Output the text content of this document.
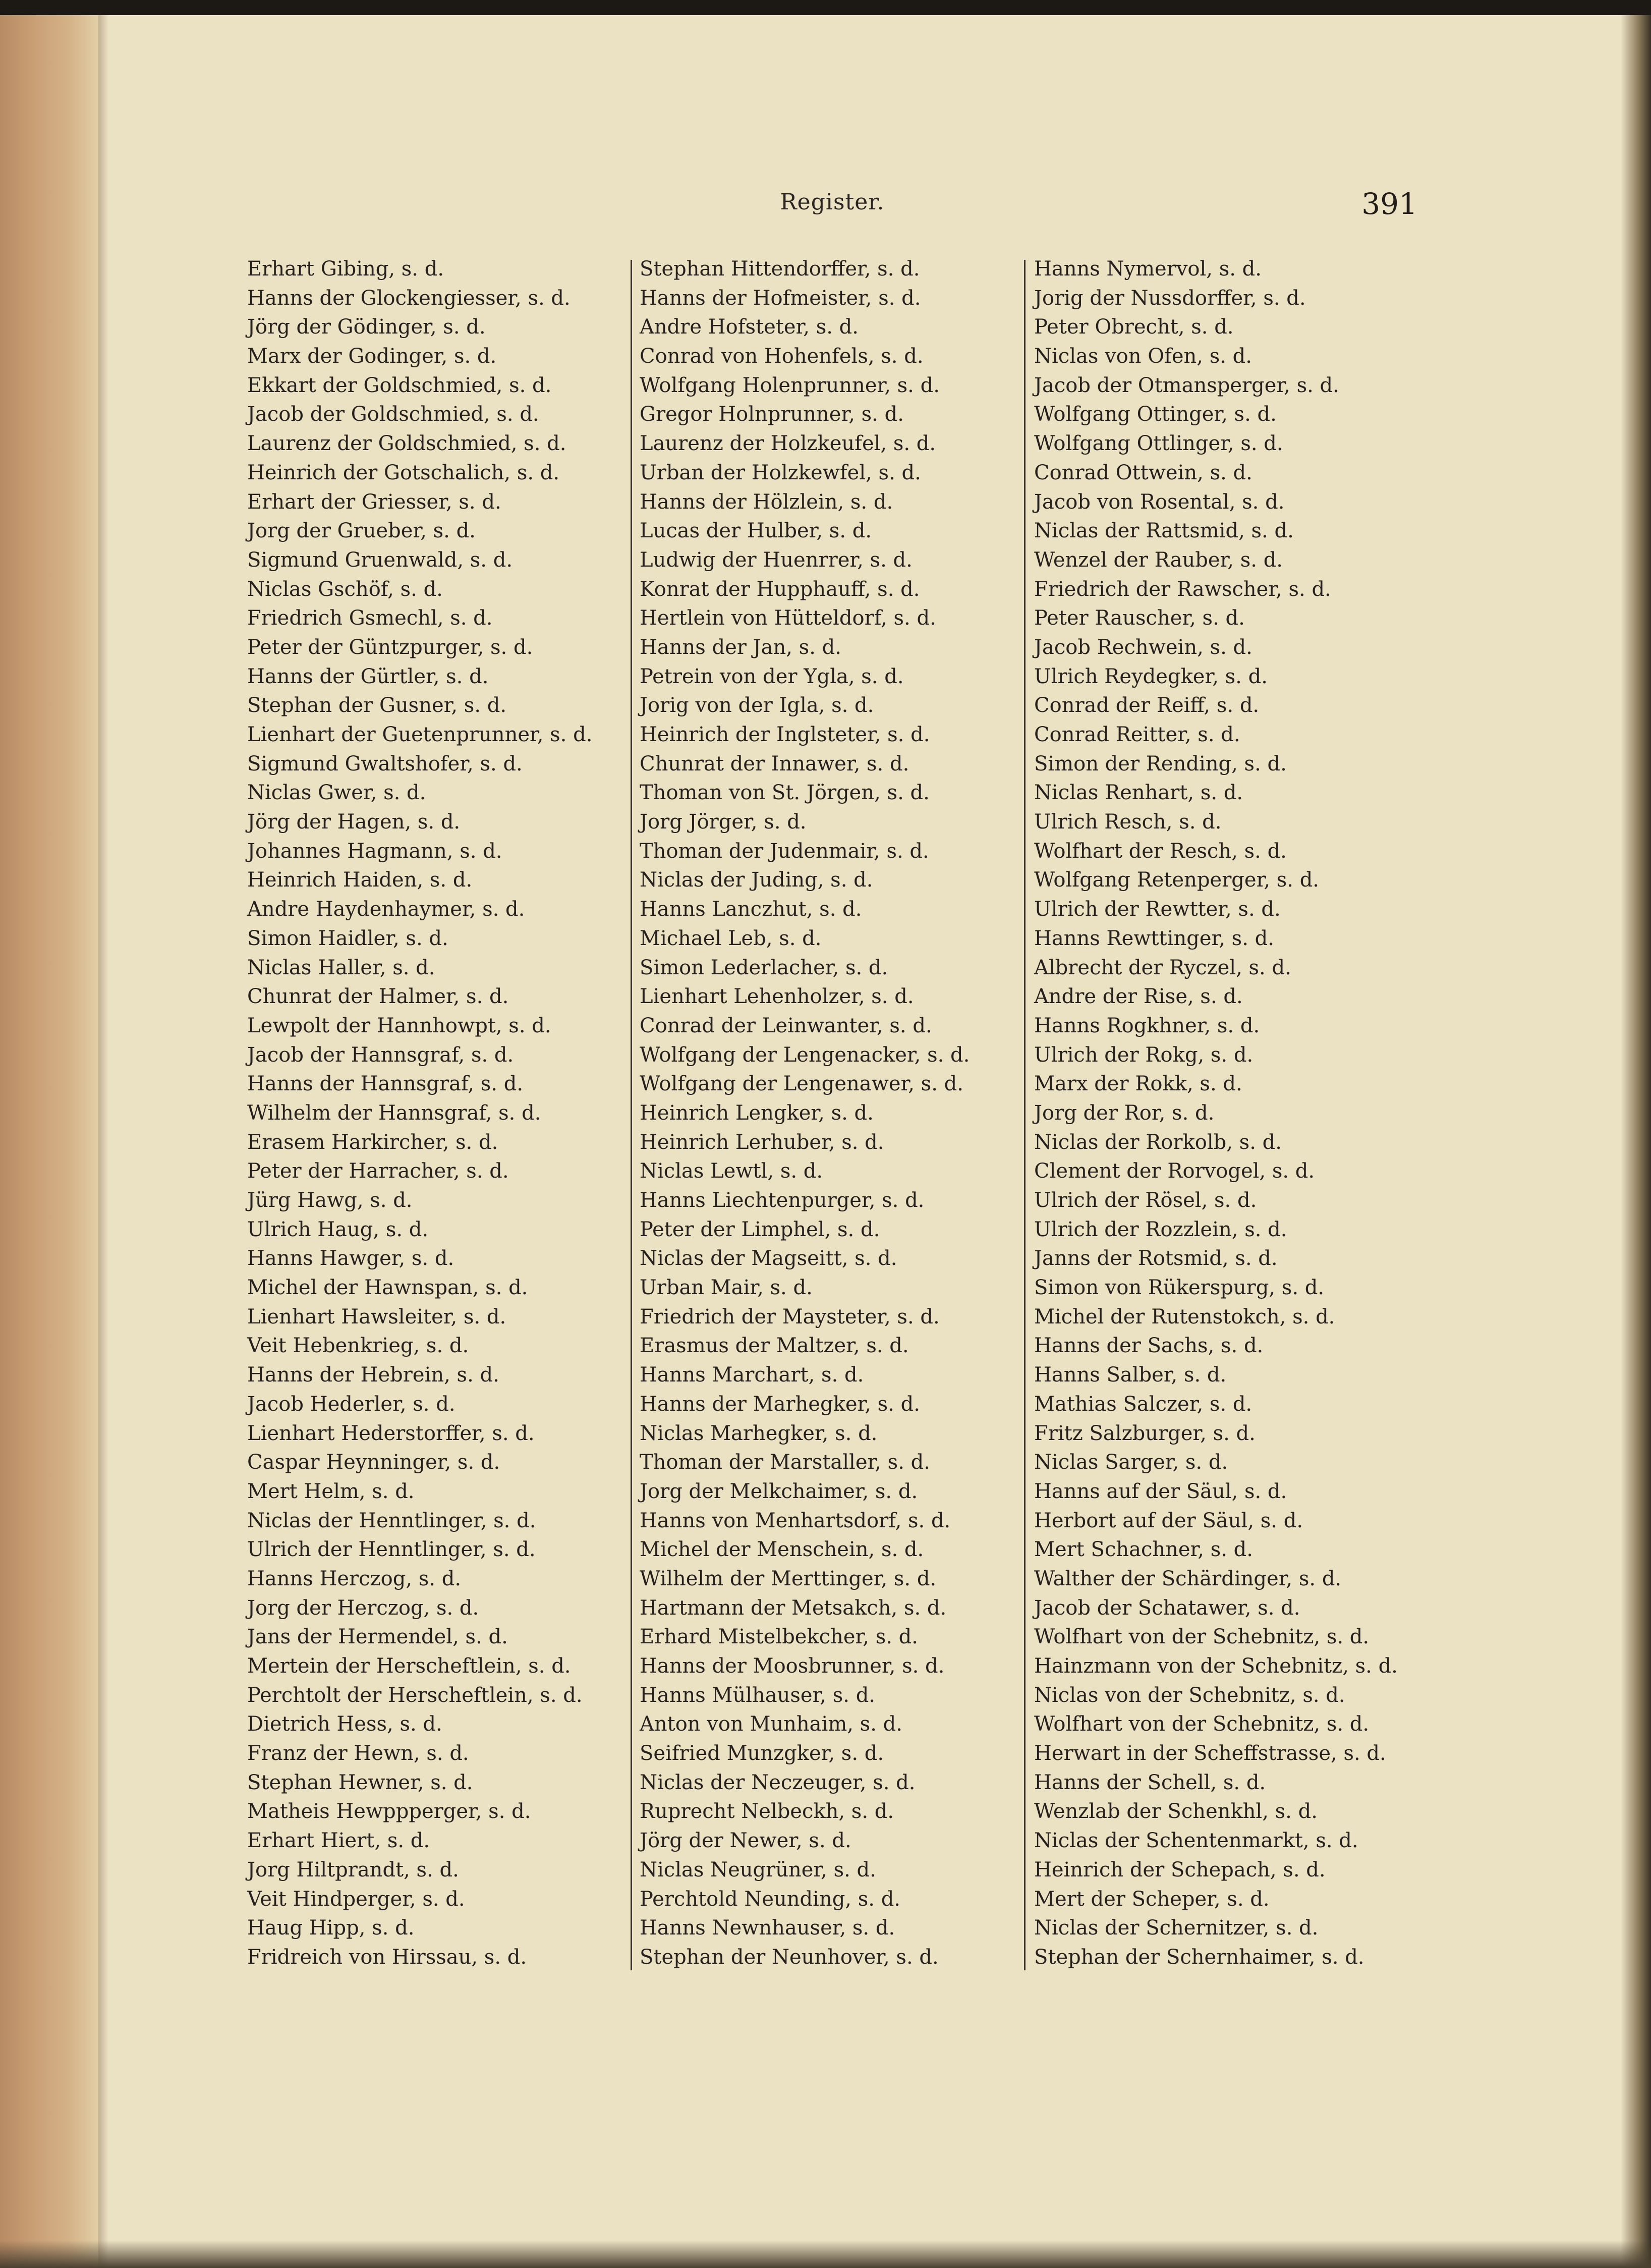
Register.	391
Erhart Gibing, s. d.
Hanns der Glockengiesser, s. d.
Jörg der Gödinger, s. d.
Marx der Godinger, s. d.
Ekkart der Goldschmied, s. d.
Jacob der Goldschmied, s. d.
Laurenz der Goldschmied, s. d.
Heinrich der Gotschalich, s. d.
Erhart der Griesser, s. d.
Jorg der Grueber, s. d.
Sigmund Gruenwald, s. d.
Niclas Gschöf, s. d.
Friedrich Gsmechl, s. d.
Peter der Güntzpurger, s. d.
Hanns der Gürtler, s. d.
Stephan der Gusner, s. d.
Lienhart der Guetenprunner, s. d.
Sigmund Gwaltshofer, s. d.
Niclas Gwer, s. d.
Jörg der Hagen, s. d.
Johannes Hagmann, s. d.
Heinrich Haiden, s. d.
Andre Haydenhaymer, s. d.
Simon Haidler, s. d.
Niclas Haller, s. d.
Chunrat der Halmer, s. d.
Lewpolt der Hannhowpt, s. d.
Jacob der Hannsgraf, s. d.
Hanns der Hannsgraf, s. d.
Wilhelm der Hannsgraf, s. d.
Erasem Harkircher, s. d.
Peter der Harracher, s. d.
Jürg Hawg, s. d.
Ulrich Haug, s. d.
Hanns Hawger, s. d.
Michel der Hawnspan, s. d.
Lienhart Hawsleiter, s. d.
Veit Hebenkrieg, s. d.
Hanns der Hebrein, s. d.
Jacob Hederler, s. d.
Lienhart Hederstorffer, s. d.
Caspar Heynninger, s. d.
Mert Helm, s. d.
Niclas der Henntlinger, s. d.
Ulrich der Henntlinger, s. d.
Hanns Herczog, s. d.
Jorg der Herczog, s. d.
Jans der Hermendel, s. d.
Mertein der Herscheftlein, s. d.
Perchtolt der Herscheftlein, s. d.
Dietrich Hess, s. d.
Franz der Hewn, s. d.
Stephan Hewner, s. d.
Matheis Hewppperger, s. d.
Erhart Hiert, s. d.
Jorg Hiltprandt, s. d.
Veit Hindperger, s. d.
Haug Hipp, s. d.
Fridreich von Hirssau, s. d.
Stephan Hittendorffer, s. d.
Hanns der Hofmeister, s. d.
Andre Hofsteter, s. d.
Conrad von Hohenfels, s. d.
Wolfgang Holenprunner, s. d.
Gregor Holnprunner, s. d.
Laurenz der Holzkeufel, s. d.
Urban der Holzkewfel, s. d.
Hanns der Hölzlein, s. d.
Lucas der Hulber, s. d.
Ludwig der Huenrrer, s. d.
Konrat der Hupphauff, s. d.
Hertlein von Hütteldorf, s. d.
Hanns der Jan, s. d.
Petrein von der Ygla, s. d.
Jorig von der Igla, s. d.
Heinrich der Inglsteter, s. d.
Chunrat der Innawer, s. d.
Thoman von St. Jörgen, s. d.
Jorg Jörger, s. d.
Thoman der Judenmair, s. d.
Niclas der Juding, s. d.
Hanns Lanczhut, s. d.
Michael Leb, s. d.
Simon Lederlacher, s. d.
Lienhart Lehenholzer, s. d.
Conrad der Leinwanter, s. d.
Wolfgang der Lengenacker, s. d.
Wolfgang der Lengenawer, s. d.
Heinrich Lengker, s. d.
Heinrich Lerhuber, s. d.
Niclas Lewtl, s. d.
Hanns Liechtenpurger, s. d.
Peter der Limphel, s. d.
Niclas der Magseitt, s. d.
Urban Mair, s. d.
Friedrich der Maysteter, s. d.
Erasmus der Maltzer, s. d.
Hanns Marchart, s. d.
Hanns der Marhegker, s. d.
Niclas Marhegker, s. d.
Thoman der Marstaller, s. d.
Jorg der Melkchaimer, s. d.
Hanns von Menhartsdorf, s. d.
Michel der Menschein, s. d.
Wilhelm der Merttinger, s. d.
Hartmann der Metsakch, s. d.
Erhard Mistelbekcher, s. d.
Hanns der Moosbrunner, s. d.
Hanns Mülhauser, s. d.
Anton von Munhaim, s. d.
Seifried Munzgker, s. d.
Niclas der Neczeuger, s. d.
Ruprecht Nelbeckh, s. d.
Jörg der Newer, s. d.
Niclas Neugrüner, s. d.
Perchtold Neunding, s. d.
Hanns Newnhauser, s. d.
Stephan der Neunhover, s. d.
Hanns Nymervol, s. d.
Jorig der Nussdorffer, s. d.
Peter Obrecht, s. d.
Niclas von Ofen, s. d.
Jacob der Otmansperger, s. d.
Wolfgang Ottinger, s. d.
Wolfgang Ottlinger, s. d.
Conrad Ottwein, s. d.
Jacob von Rosental, s. d.
Niclas der Rattsmid, s. d.
Wenzel der Rauber, s. d.
Friedrich der Rawscher, s. d.
Peter Rauscher, s. d.
Jacob Rechwein, s. d.
Ulrich Reydegker, s. d.
Conrad der Reiff, s. d.
Conrad Reitter, s. d.
Simon der Rending, s. d.
Niclas Renhart, s. d.
Ulrich Resch, s. d.
Wolfhart der Resch, s. d.
Wolfgang Retenperger, s. d.
Ulrich der Rewtter, s. d.
Hanns Rewttinger, s. d.
Albrecht der Ryczel, s. d.
Andre der Rise, s. d.
Hanns Rogkhner, s. d.
Ulrich der Rokg, s. d.
Marx der Rokk, s. d.
Jorg der Ror, s. d.
Niclas der Rorkolb, s. d.
Clement der Rorvogel, s. d.
Ulrich der Rösel, s. d.
Ulrich der Rozzlein, s. d.
Janns der Rotsmid, s. d.
Simon von Rükerspurg, s. d.
Michel der Rutenstokch, s. d.
Hanns der Sachs, s. d.
Hanns Salber, s. d.
Mathias Salczer, s. d.
Fritz Salzburger, s. d.
Niclas Sarger, s. d.
Hanns auf der Säul, s. d.
Herbort auf der Säul, s. d.
Mert Schachner, s. d.
Walther der Schärdinger, s. d.
Jacob der Schatawer, s. d.
Wolfhart von der Schebnitz, s. d.
Hainzmann von der Schebnitz, s. d.
Niclas von der Schebnitz, s. d.
Wolfhart von der Schebnitz, s. d.
Herwart in der Scheffstrasse, s. d.
Hanns der Schell, s. d.
Wenzlab der Schenkhl, s. d.
Niclas der Schentenmarkt, s. d.
Heinrich der Schepach, s. d.
Mert der Scheper, s. d.
Niclas der Schernitzer, s. d.
Stephan der Schernhaimer, s. d.
